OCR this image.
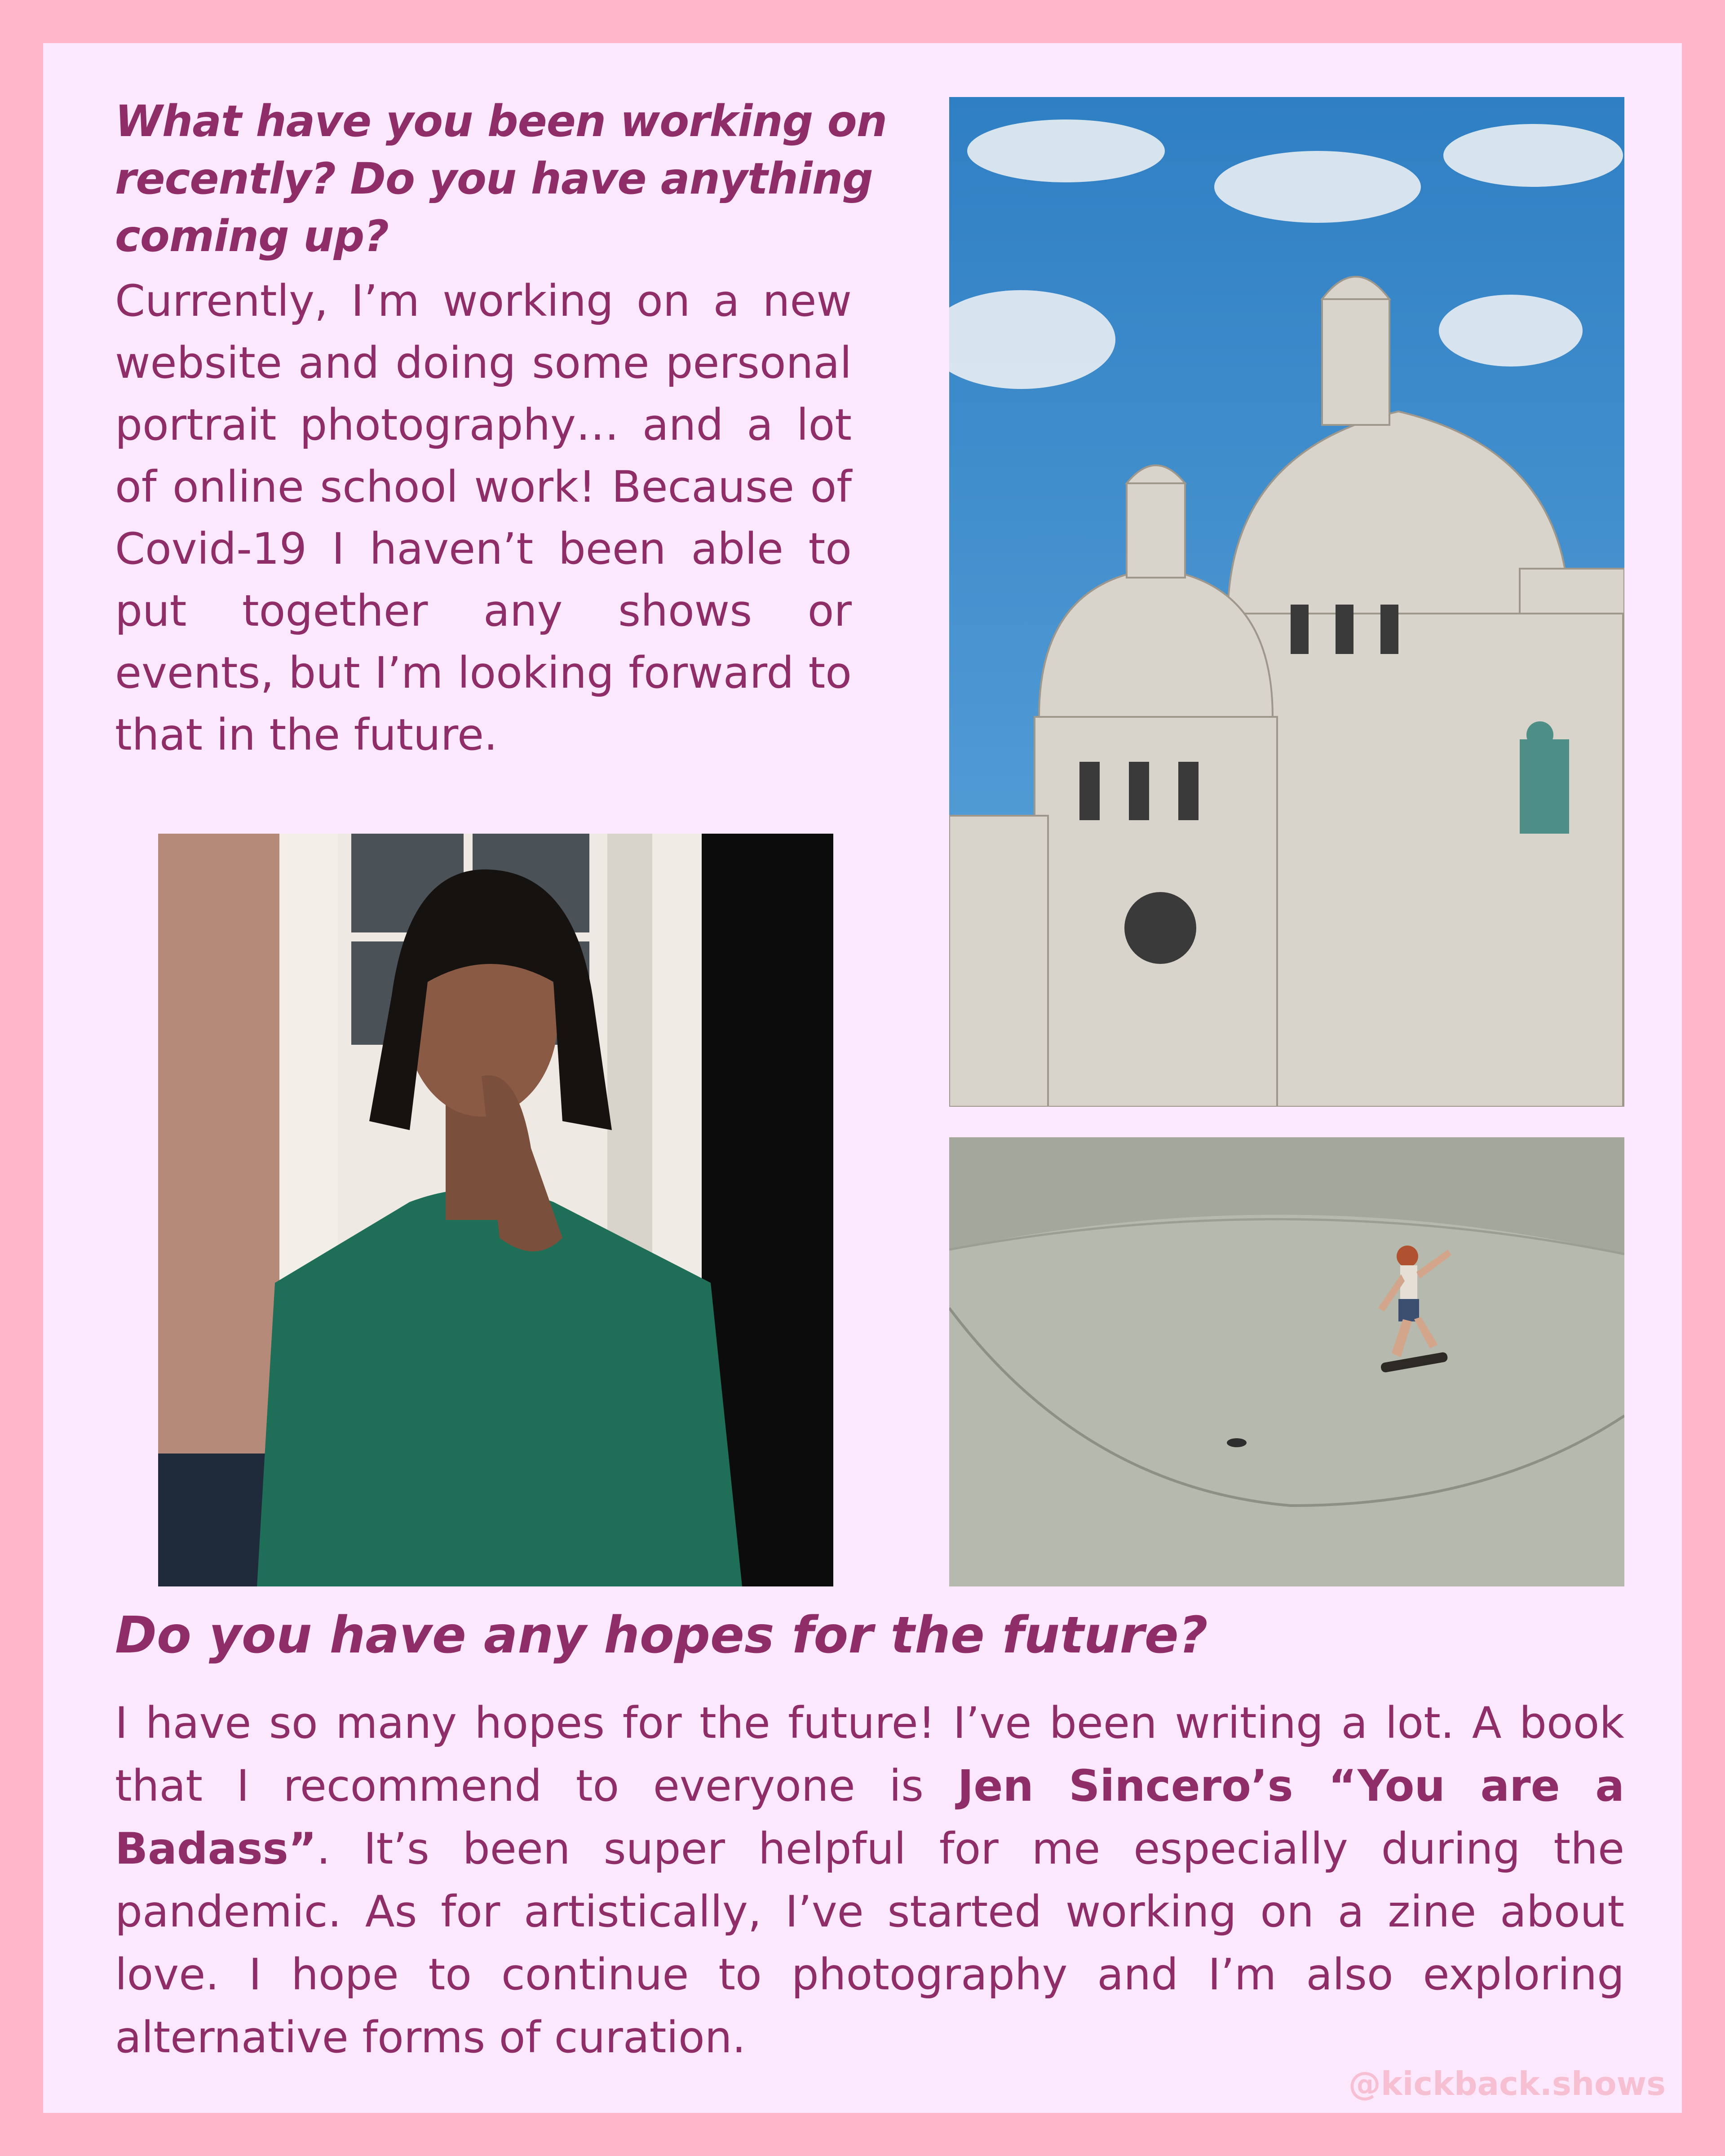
What have you been working on recently? Do you have anything coming up?

Currently, I’m working on a new website and doing some personal portrait photography… and a lot of online school work! Because of Covid-19 I haven’t been able to put together any shows or events, but I’m looking forward to that in the future.

Do you have any hopes for the future?

I have so many hopes for the future! I’ve been writing a lot. A book that I recommend to everyone is Jen Sincero’s “You are a Badass”. It’s been super helpful for me especially during the pandemic. As for artistically, I’ve started working on a zine about love. I hope to continue to photography and I’m also exploring alternative forms of curation.

@kickback.shows
